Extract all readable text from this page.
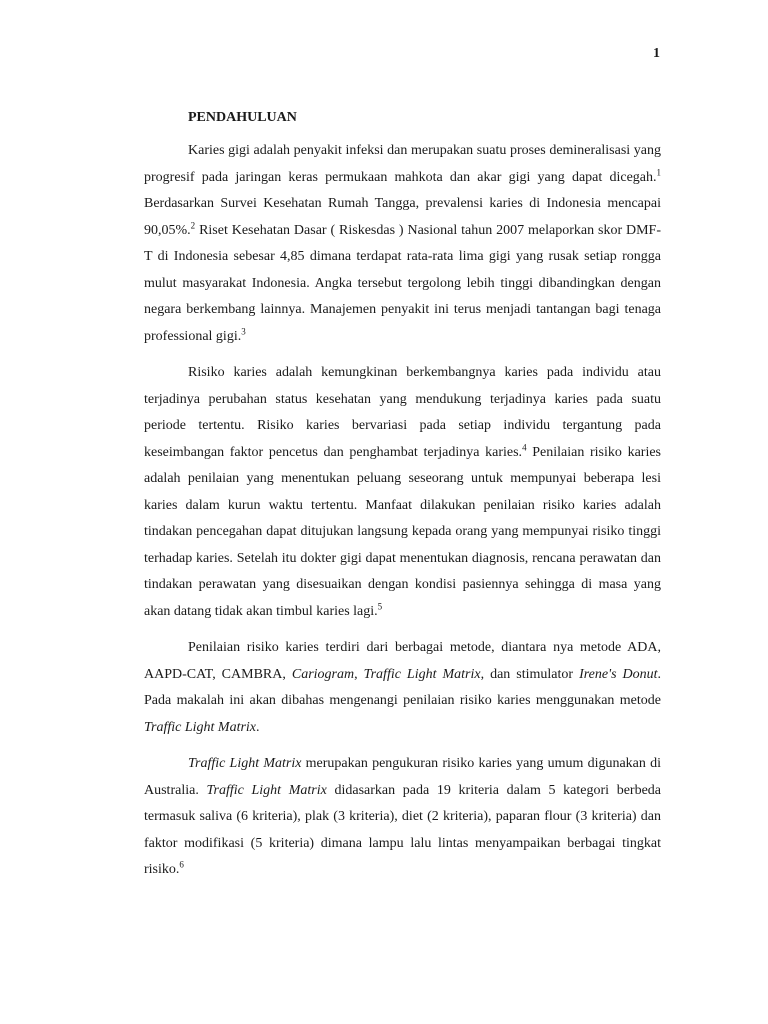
1
PENDAHULUAN

Karies gigi adalah penyakit infeksi dan merupakan suatu proses demineralisasi yang progresif pada jaringan keras permukaan mahkota dan akar gigi yang dapat dicegah.$^1$ Berdasarkan Survei Kesehatan Rumah Tangga, prevalensi karies di Indonesia mencapai 90,05%.$^2$ Riset Kesehatan Dasar ( Riskesdas ) Nasional tahun 2007 melaporkan skor DMF-T di Indonesia sebesar 4,85 dimana terdapat rata-rata lima gigi yang rusak setiap rongga mulut masyarakat Indonesia. Angka tersebut tergolong lebih tinggi dibandingkan dengan negara berkembang lainnya. Manajemen penyakit ini terus menjadi tantangan bagi tenaga professional gigi.$^3$

Risiko karies adalah kemungkinan berkembangnya karies pada individu atau terjadinya perubahan status kesehatan yang mendukung terjadinya karies pada suatu periode tertentu. Risiko karies bervariasi pada setiap individu tergantung pada keseimbangan faktor pencetus dan penghambat terjadinya karies.$^4$ Penilaian risiko karies adalah penilaian yang menentukan peluang seseorang untuk mempunyai beberapa lesi karies dalam kurun waktu tertentu. Manfaat dilakukan penilaian risiko karies adalah tindakan pencegahan dapat ditujukan langsung kepada orang yang mempunyai risiko tinggi terhadap karies. Setelah itu dokter gigi dapat menentukan diagnosis, rencana perawatan dan tindakan perawatan yang disesuaikan dengan kondisi pasiennya sehingga di masa yang akan datang tidak akan timbul karies lagi.$^5$

Penilaian risiko karies terdiri dari berbagai metode, diantara nya metode ADA, AAPD-CAT, CAMBRA, Cariogram, Traffic Light Matrix, dan stimulator Irene's Donut. Pada makalah ini akan dibahas mengenangi penilaian risiko karies menggunakan metode Traffic Light Matrix.

Traffic Light Matrix merupakan pengukuran risiko karies yang umum digunakan di Australia. Traffic Light Matrix didasarkan pada 19 kriteria dalam 5 kategori berbeda termasuk saliva (6 kriteria), plak (3 kriteria), diet (2 kriteria), paparan flour (3 kriteria) dan faktor modifikasi (5 kriteria) dimana lampu lalu lintas menyampaikan berbagai tingkat risiko.$^6$
